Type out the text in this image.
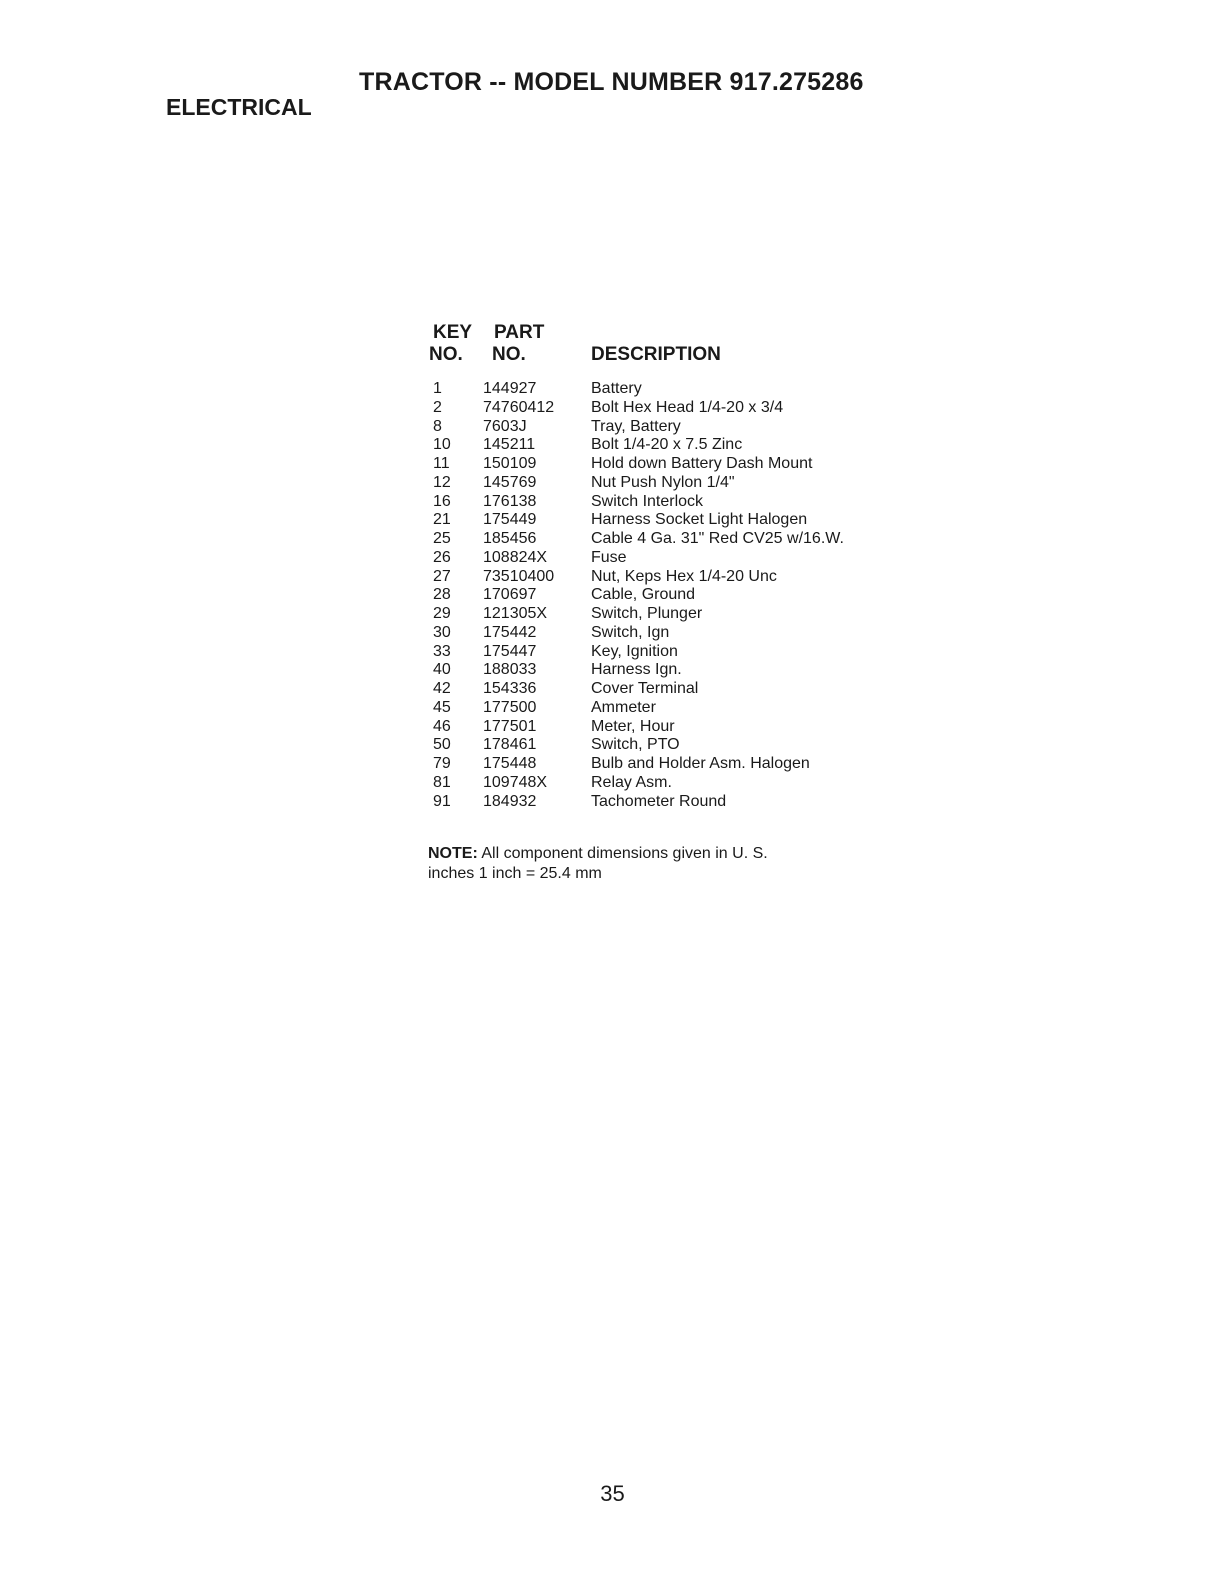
TRACTOR -- MODEL NUMBER 917.275286
ELECTRICAL
KEY
NO.
PART
NO.	DESCRIPTION
1	144927	Battery
2	74760412 Bolt Hex Head 1/4-20 x 3/4
8	7603J	Tray, Battery
10 145211	Bolt 1/4-20 x 7.5 Zinc
11 150109	Hold down Battery Dash Mount
12 145769	Nut Push Nylon 1/4"
16 176138	Switch Interlock
21 175449	Harness Socket Light Halogen
25 185456	Cable 4 Ga. 31" Red CV25 w/16.W.
26 108824X	Fuse
27 73510400 Nut, Keps Hex 1/4-20 Unc
28 170697	Cable, Ground
29 121305X	Switch, Plunger
30 175442	Switch, Ign
33 175447	Key, Ignition
40 188033	Harness Ign.
42 154336	Cover Terminal
45 177500	Ammeter
46 177501	Meter, Hour
50 178461	Switch, PTO
79 175448	Bulb and Holder Asm. Halogen
81 109748X	Relay Asm.
91 184932	Tachometer Round
NOTE: All component dimensions given in U. S.
inches 1 inch = 25.4 mm
35
